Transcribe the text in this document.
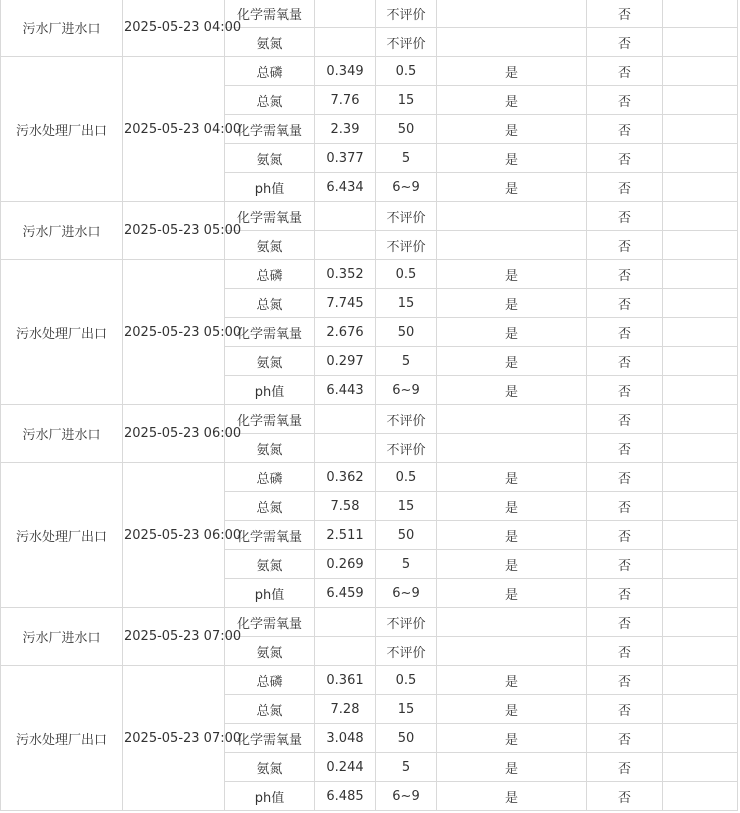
污水厂进水口	2025-05-23 04:00	化学需氧量		不评价		否	
		氨氮		不评价		否	
污水处理厂出口	2025-05-23 04:00	总磷	0.349	0.5	是	否	
		总氮	7.76	15	是	否	
		化学需氧量	2.39	50	是	否	
		氨氮	0.377	5	是	否	
		ph值	6.434	6~9	是	否	
污水厂进水口	2025-05-23 05:00	化学需氧量		不评价		否	
		氨氮		不评价		否	
污水处理厂出口	2025-05-23 05:00	总磷	0.352	0.5	是	否	
		总氮	7.745	15	是	否	
		化学需氧量	2.676	50	是	否	
		氨氮	0.297	5	是	否	
		ph值	6.443	6~9	是	否	
污水厂进水口	2025-05-23 06:00	化学需氧量		不评价		否	
		氨氮		不评价		否	
污水处理厂出口	2025-05-23 06:00	总磷	0.362	0.5	是	否	
		总氮	7.58	15	是	否	
		化学需氧量	2.511	50	是	否	
		氨氮	0.269	5	是	否	
		ph值	6.459	6~9	是	否	
污水厂进水口	2025-05-23 07:00	化学需氧量		不评价		否	
		氨氮		不评价		否	
污水处理厂出口	2025-05-23 07:00	总磷	0.361	0.5	是	否	
		总氮	7.28	15	是	否	
		化学需氧量	3.048	50	是	否	
		氨氮	0.244	5	是	否	
		ph值	6.485	6~9	是	否	
